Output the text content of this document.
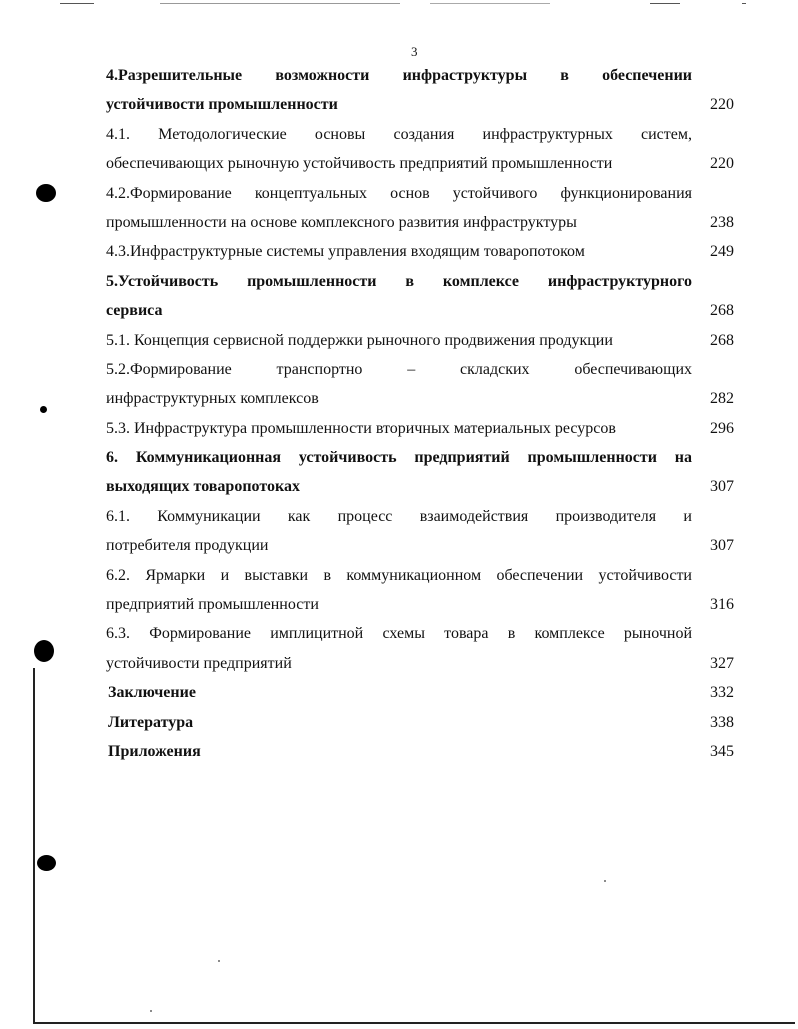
3
4.Разрешительные возможности инфраструктуры в обеспечении
устойчивости промышленности	220
4.1. Методологические основы создания инфраструктурных систем,
обеспечивающих рыночную устойчивость предприятий промышленности	220
4.2.Формирование концептуальных основ устойчивого функционирования
промышленности на основе комплексного развития инфраструктуры	238
4.3.Инфраструктурные системы управления входящим товаропотоком	249
5.Устойчивость промышленности в комплексе инфраструктурного
сервиса	268
5.1. Концепция сервисной поддержки рыночного продвижения продукции	268
5.2.Формирование транспортно – складских обеспечивающих
инфраструктурных комплексов	282
5.3. Инфраструктура промышленности вторичных материальных ресурсов	296
6. Коммуникационная устойчивость предприятий промышленности на
выходящих товаропотоках	307
6.1. Коммуникации как процесс взаимодействия производителя и
потребителя продукции	307
6.2. Ярмарки и выставки в коммуникационном обеспечении устойчивости
предприятий промышленности	316
6.3. Формирование имплицитной схемы товара в комплексе рыночной
устойчивости предприятий	327
Заключение	332
Литература	338
Приложения	345
